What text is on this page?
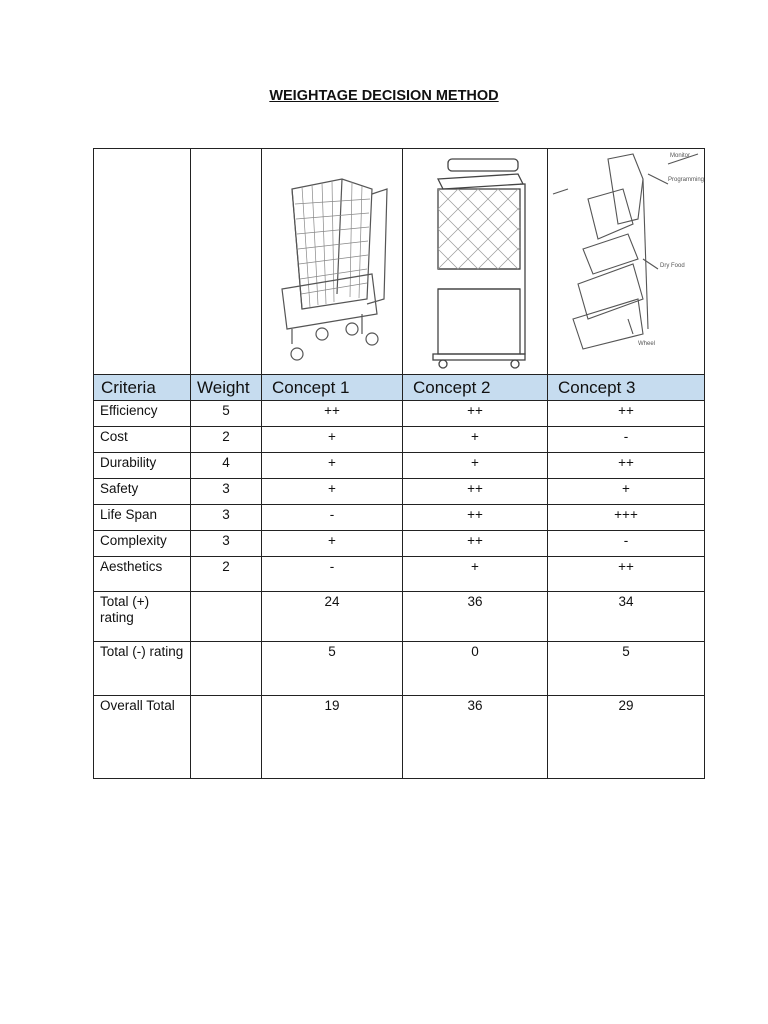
WEIGHTAGE DECISION METHOD

Monitor
Programming
Dry Food
Wheel

Criteria	Weight	Concept 1	Concept 2	Concept 3
Efficiency	5	++	++	++
Cost	2	+	+	-
Durability	4	+	+	++
Safety	3	+	++	+
Life Span	3	-	++	+++
Complexity	3	+	++	-
Aesthetics	2	-	+	++
Total (+) rating		24	36	34
Total (-) rating		5	0	5
Overall Total		19	36	29
